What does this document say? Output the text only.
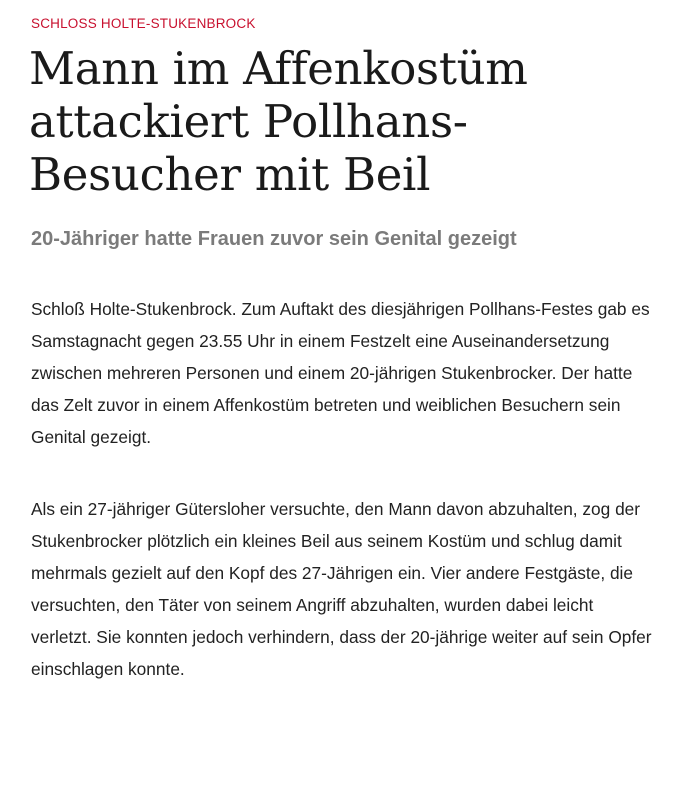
SCHLOSS HOLTE-STUKENBROCK
Mann im Affenkostüm attackiert Pollhans-Besucher mit Beil
20-Jähriger hatte Frauen zuvor sein Genital gezeigt

Schloß Holte-Stukenbrock. Zum Auftakt des diesjährigen Pollhans-Festes gab es Samstagnacht gegen 23.55 Uhr in einem Festzelt eine Auseinandersetzung zwischen mehreren Personen und einem 20-jährigen Stukenbrocker. Der hatte das Zelt zuvor in einem Affenkostüm betreten und weiblichen Besuchern sein Genital gezeigt.

Als ein 27-jähriger Gütersloher versuchte, den Mann davon abzuhalten, zog der Stukenbrocker plötzlich ein kleines Beil aus seinem Kostüm und schlug damit mehrmals gezielt auf den Kopf des 27-Jährigen ein. Vier andere Festgäste, die versuchten, den Täter von seinem Angriff abzuhalten, wurden dabei leicht verletzt. Sie konnten jedoch verhindern, dass der 20-jährige weiter auf sein Opfer einschlagen konnte.
